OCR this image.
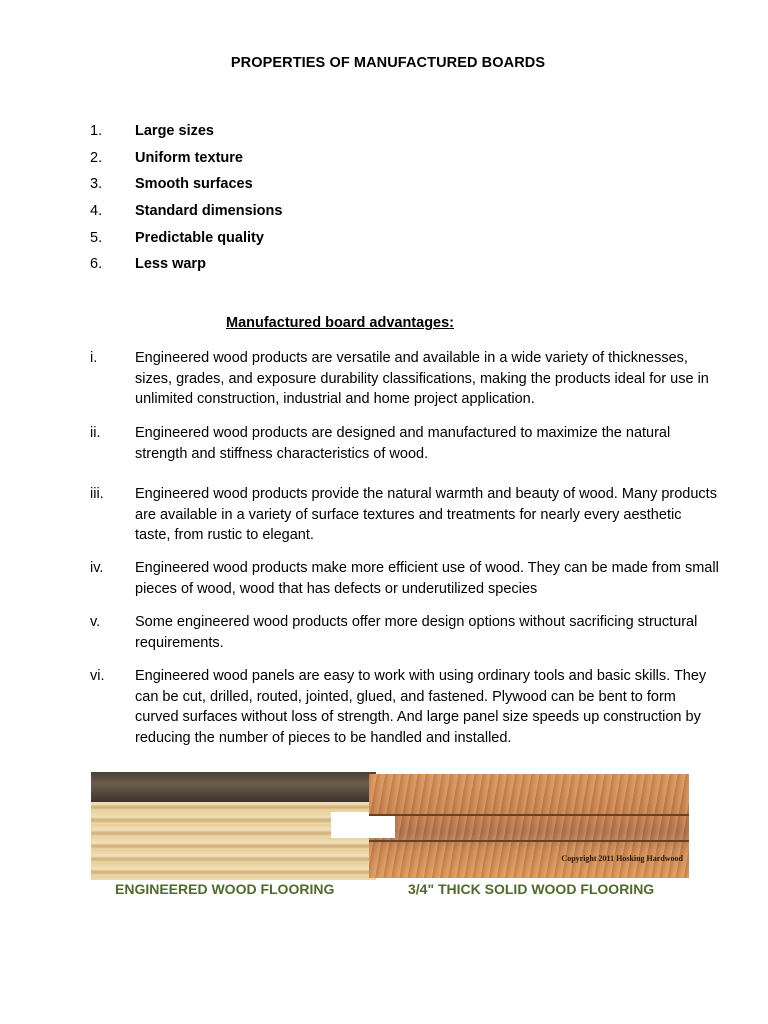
PROPERTIES OF MANUFACTURED BOARDS
1.	Large sizes
2.	Uniform texture
3.	Smooth surfaces
4.	Standard dimensions
5.	Predictable quality
6.	Less warp
Manufactured board advantages:
i.	Engineered wood products are versatile and available in a wide variety of thicknesses, sizes, grades, and exposure durability classifications, making the products ideal for use in unlimited construction, industrial and home project application.
ii.	Engineered wood products are designed and manufactured to maximize the natural strength and stiffness characteristics of wood.
iii.	Engineered wood products provide the natural warmth and beauty of wood. Many products are available in a variety of surface textures and treatments for nearly every aesthetic taste, from rustic to elegant.
iv.	Engineered wood products make more efficient use of wood. They can be made from small pieces of wood, wood that has defects or underutilized species
v.	Some engineered wood products offer more design options without sacrificing structural requirements.
vi.	Engineered wood panels are easy to work with using ordinary tools and basic skills. They can be cut, drilled, routed, jointed, glued, and fastened. Plywood can be bent to form curved surfaces without loss of strength. And large panel size speeds up construction by reducing the number of pieces to be handled and installed.
Copyright 2011 Hosking Hardwood
ENGINEERED WOOD FLOORING	3/4" THICK SOLID WOOD FLOORING
